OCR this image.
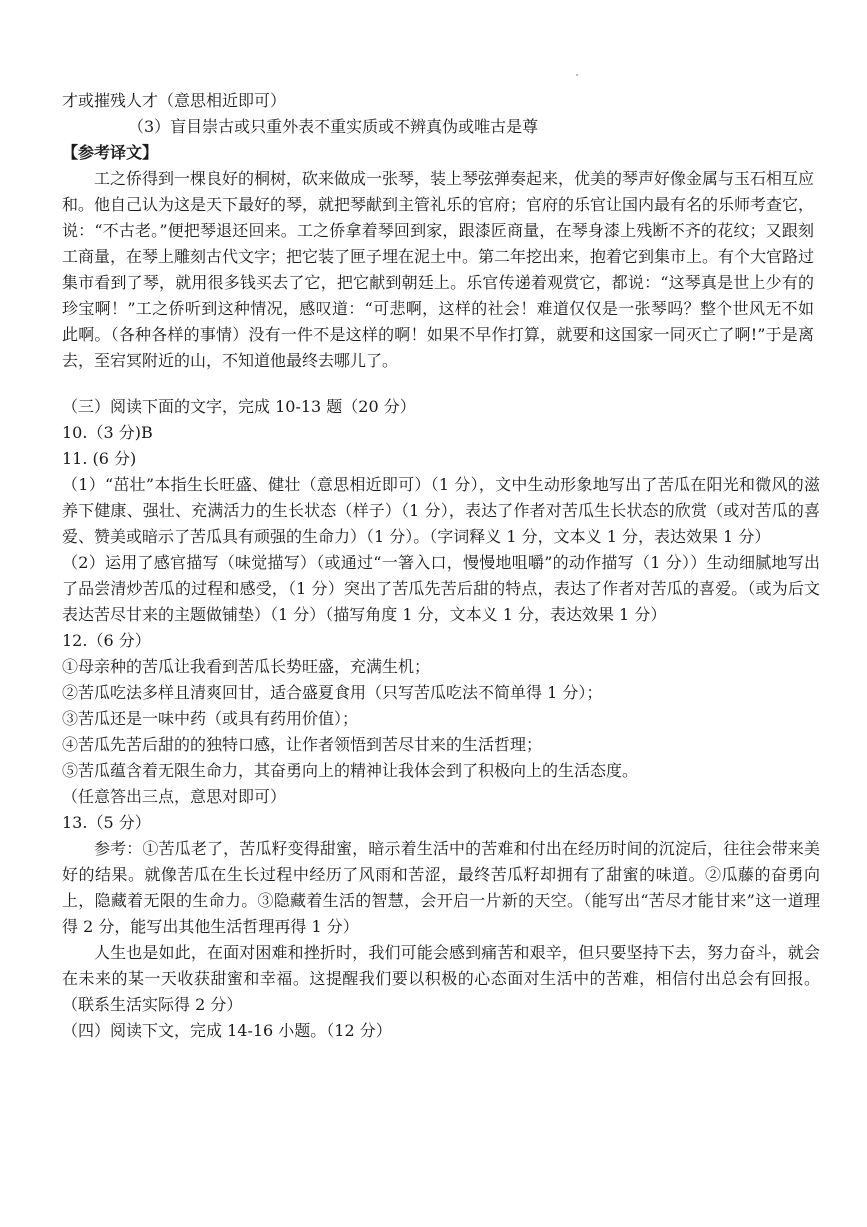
才或摧残人才（意思相近即可）
（3）盲目崇古或只重外表不重实质或不辨真伪或唯古是尊
【参考译文】
工之侨得到一棵良好的桐树，砍来做成一张琴，装上琴弦弹奏起来，优美的琴声好像金属与玉石相互应和。他自己认为这是天下最好的琴，就把琴献到主管礼乐的官府；官府的乐官让国内最有名的乐师考查它，说：“不古老。”便把琴退还回来。工之侨拿着琴回到家，跟漆匠商量，在琴身漆上残断不齐的花纹；又跟刻工商量，在琴上雕刻古代文字；把它装了匣子埋在泥土中。第二年挖出来，抱着它到集市上。有个大官路过集市看到了琴，就用很多钱买去了它，把它献到朝廷上。乐官传递着观赏它，都说：“这琴真是世上少有的珍宝啊！”工之侨听到这种情况，感叹道：“可悲啊，这样的社会！难道仅仅是一张琴吗？整个世风无不如此啊。（各种各样的事情）没有一件不是这样的啊！如果不早作打算，就要和这国家一同灭亡了啊!”于是离去，至宕冥附近的山，不知道他最终去哪儿了。
（三）阅读下面的文字，完成 10-13 题（20 分）
10.（3 分)B
11. (6 分)
（1）“茁壮”本指生长旺盛、健壮（意思相近即可）（1 分），文中生动形象地写出了苦瓜在阳光和微风的滋养下健康、强壮、充满活力的生长状态（样子）（1 分），表达了作者对苦瓜生长状态的欣赏（或对苦瓜的喜爱、赞美或暗示了苦瓜具有顽强的生命力）（1 分）。（字词释义 1 分，文本义 1 分，表达效果 1 分）
（2）运用了感官描写（味觉描写）（或通过“一箸入口，慢慢地咀嚼”的动作描写（1 分））生动细腻地写出了品尝清炒苦瓜的过程和感受，（1 分）突出了苦瓜先苦后甜的特点，表达了作者对苦瓜的喜爱。（或为后文表达苦尽甘来的主题做铺垫）（1 分）（描写角度 1 分，文本义 1 分，表达效果 1 分）
12.（6 分）
①母亲种的苦瓜让我看到苦瓜长势旺盛，充满生机；
②苦瓜吃法多样且清爽回甘，适合盛夏食用（只写苦瓜吃法不简单得 1 分）；
③苦瓜还是一味中药（或具有药用价值）；
④苦瓜先苦后甜的的独特口感，让作者领悟到苦尽甘来的生活哲理；
⑤苦瓜蕴含着无限生命力，其奋勇向上的精神让我体会到了积极向上的生活态度。
（任意答出三点，意思对即可）
13.（5 分）
参考：①苦瓜老了，苦瓜籽变得甜蜜，暗示着生活中的苦难和付出在经历时间的沉淀后，往往会带来美好的结果。就像苦瓜在生长过程中经历了风雨和苦涩，最终苦瓜籽却拥有了甜蜜的味道。②瓜藤的奋勇向上，隐藏着无限的生命力。③隐藏着生活的智慧，会开启一片新的天空。（能写出“苦尽才能甘来”这一道理得 2 分，能写出其他生活哲理再得 1 分）
人生也是如此，在面对困难和挫折时，我们可能会感到痛苦和艰辛，但只要坚持下去，努力奋斗，就会在未来的某一天收获甜蜜和幸福。这提醒我们要以积极的心态面对生活中的苦难，相信付出总会有回报。（联系生活实际得 2 分）
（四）阅读下文，完成 14-16 小题。（12 分）
